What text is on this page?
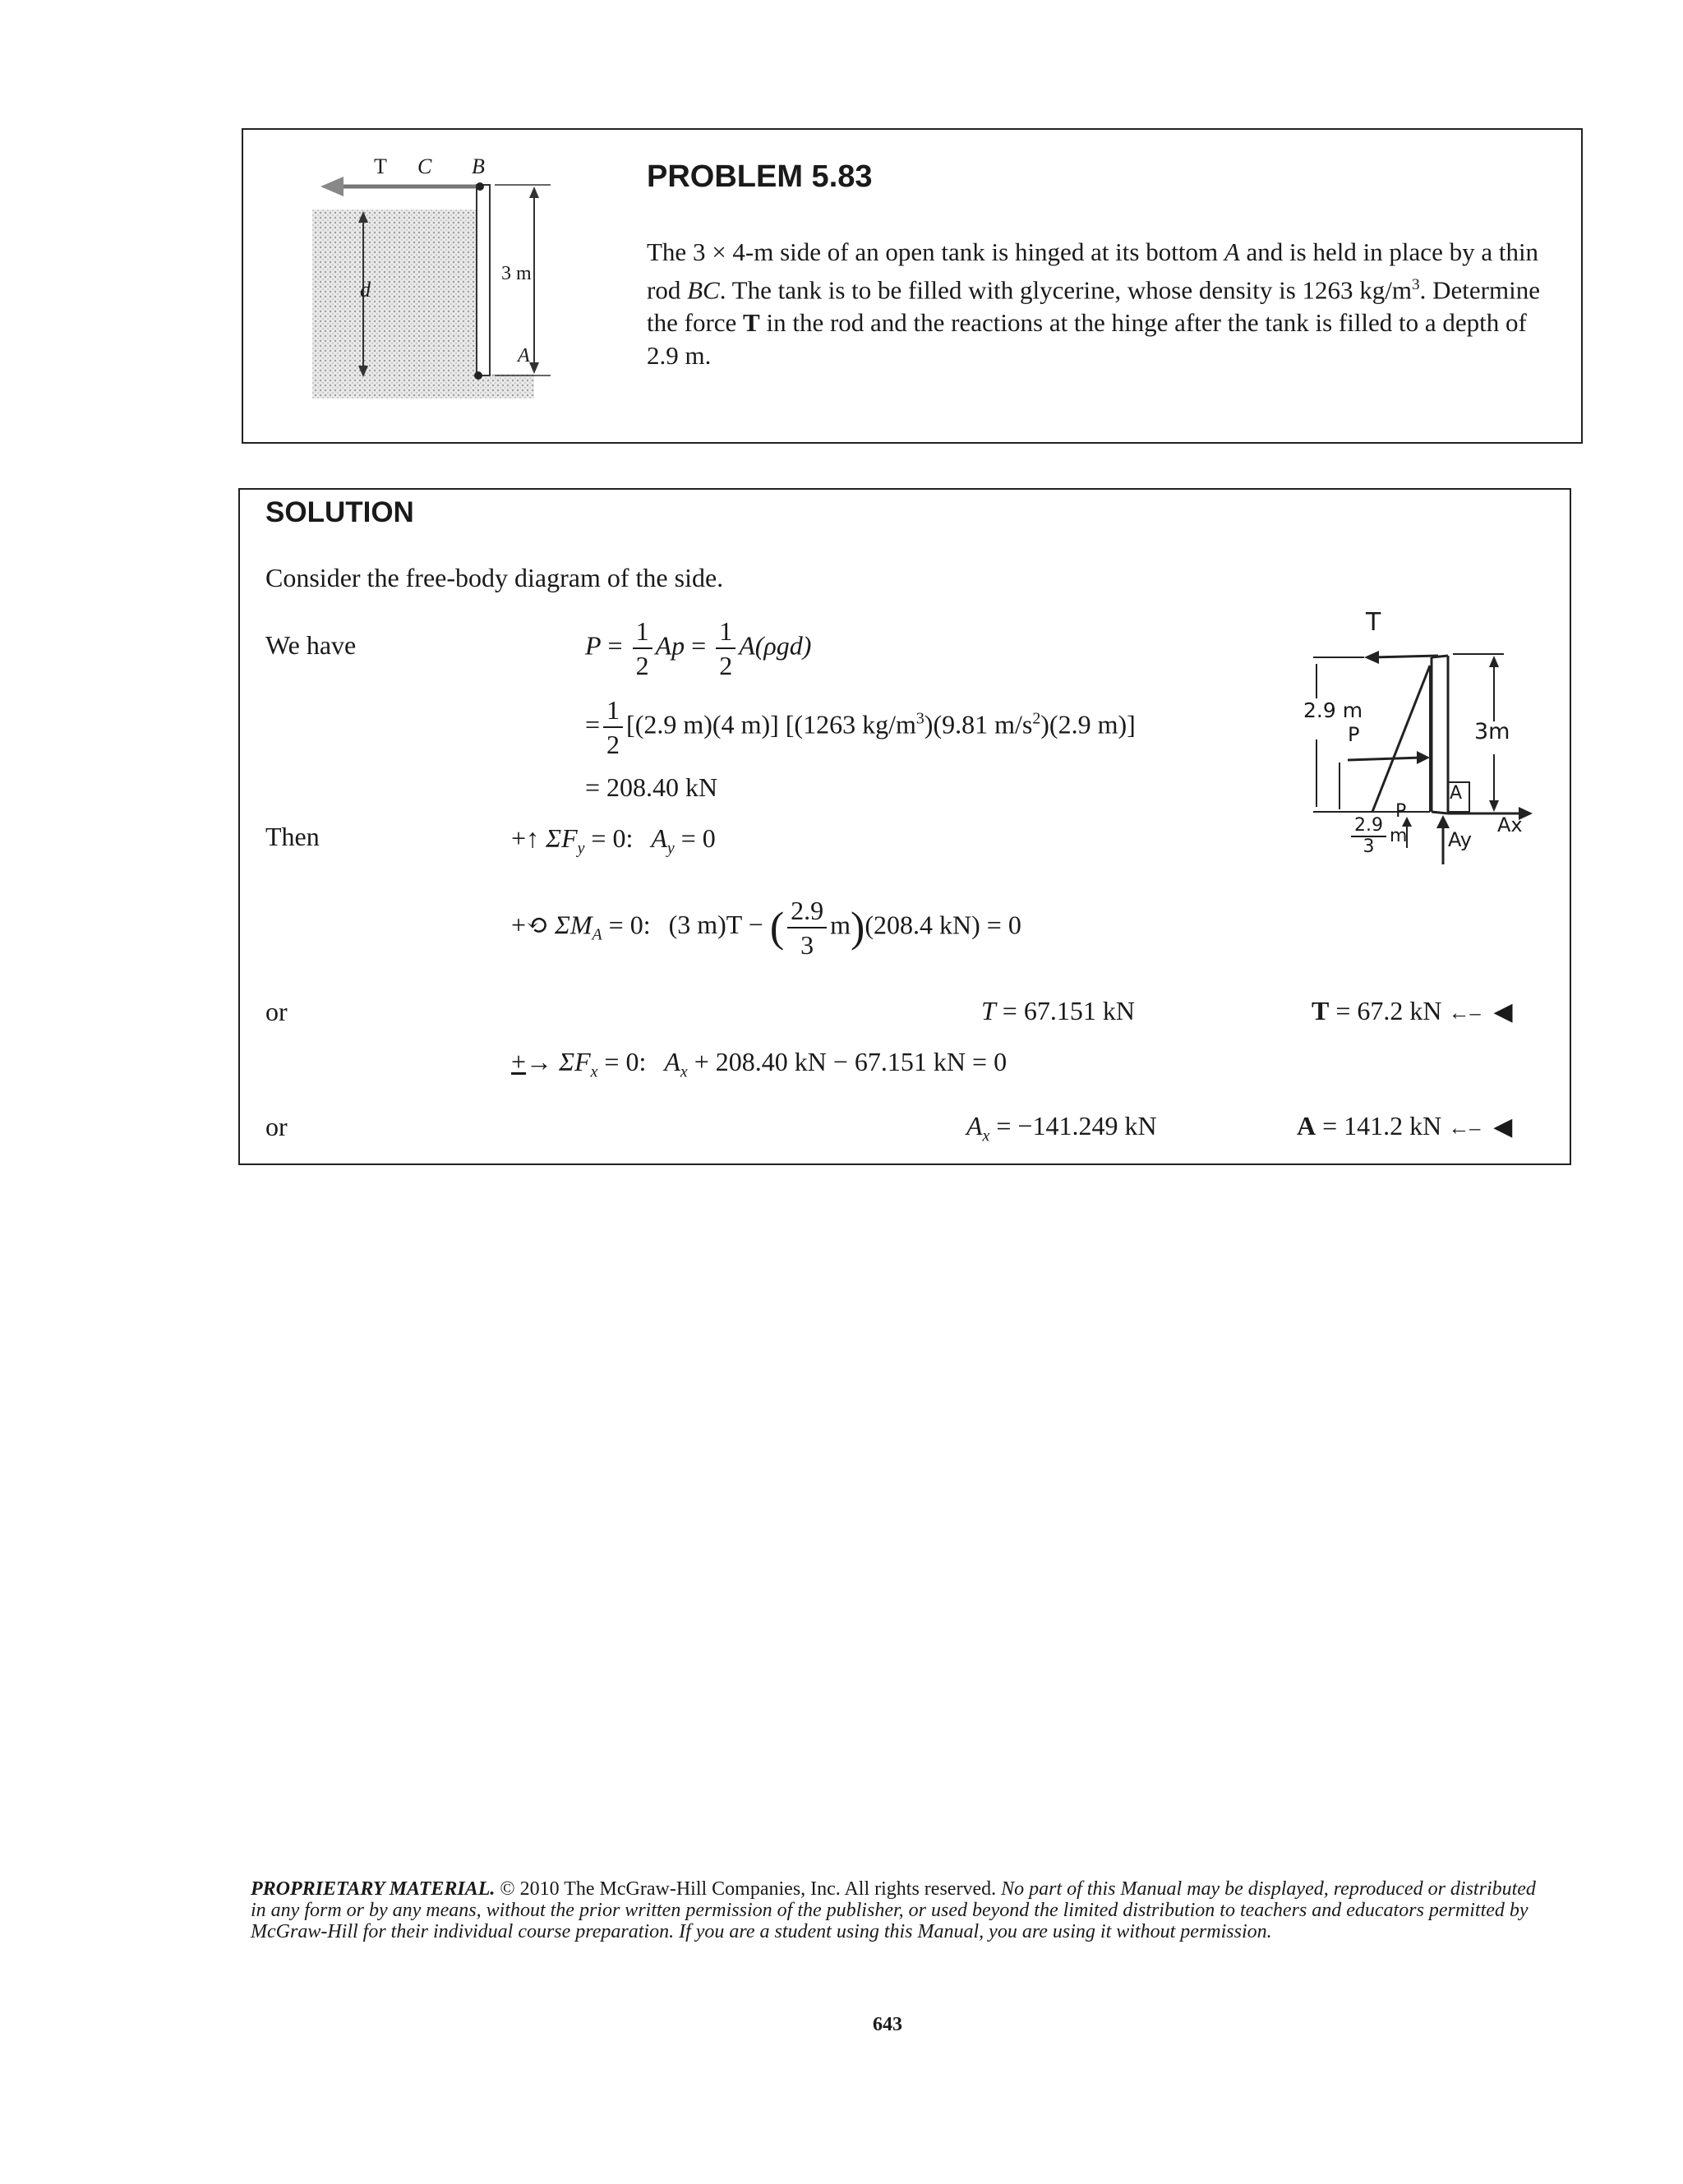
T C B
d
3 m
A
PROBLEM 5.83
The 3 × 4-m side of an open tank is hinged at its bottom A and is held in place by a thin rod BC. The tank is to be filled with glycerine, whose density is 1263 $kg/m^3$. Determine the force T in the rod and the reactions at the hinge after the tank is filled to a depth of 2.9 m.
SOLUTION
Consider the free-body diagram of the side.
We have	$P = \frac{1}{2}$ $Ap = \frac{1}{2} A(\rho gd)$
= $\frac{1}{2} [(2.9$ m)(4 m)] [(1263 $kg/m^3)(9.81$ $m/s^2)(2.9$ m)]
= 208.40 kN
Then	+↑ $\Sigma F_y = 0$: $A_y = 0$
+⟲ $\Sigma M_A = 0$: (3 m)T − ( $\frac{2.9}{3} m)(208.4$ kN) = 0
or	T = 67.151 kN	T = 67.2 kN ←– ◀
+→ $\Sigma F_x = 0$: $A_x + 208.40$ kN − 67.151 kN = 0
or	$A_x = -141.249$ kN	A = 141.2 kN ←– ◀
T
2.9 m
P	3m
A
Ax
Ay
P
$\frac{2.9}{3}$ m
PROPRIETARY MATERIAL. © 2010 The McGraw-Hill Companies, Inc. All rights reserved. No part of this Manual may be displayed, reproduced or distributed in any form or by any means, without the prior written permission of the publisher, or used beyond the limited distribution to teachers and educators permitted by McGraw-Hill for their individual course preparation. If you are a student using this Manual, you are using it without permission.
643
